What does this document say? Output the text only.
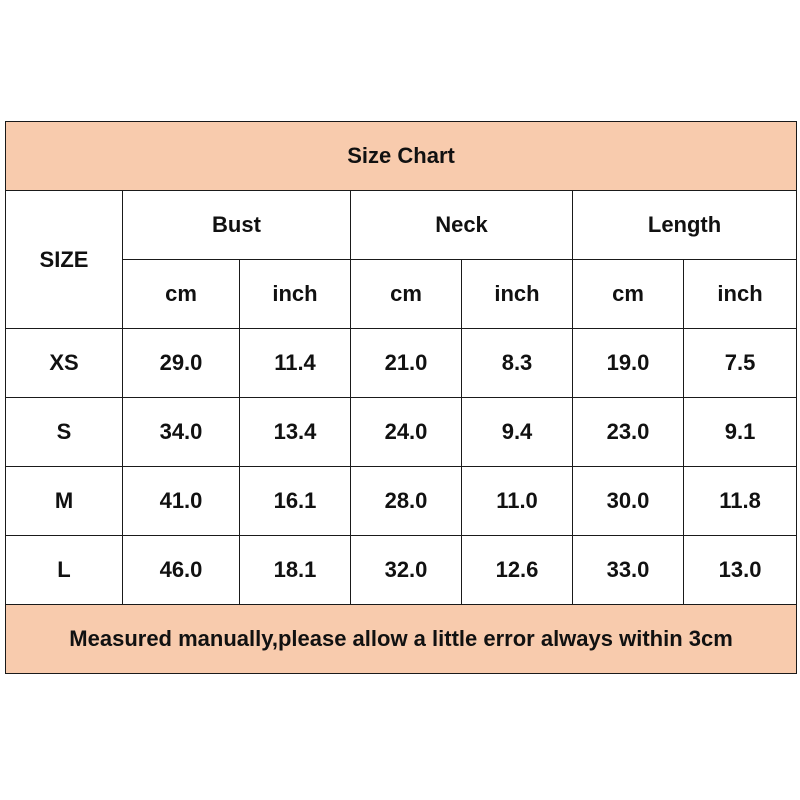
Size Chart						
SIZE	Bust		Neck		Length	
	cm	inch	cm	inch	cm	inch
XS	29.0	11.4	21.0	8.3	19.0	7.5
S	34.0	13.4	24.0	9.4	23.0	9.1
M	41.0	16.1	28.0	11.0	30.0	11.8
L	46.0	18.1	32.0	12.6	33.0	13.0
Measured manually,please allow a little error always within 3cm						
